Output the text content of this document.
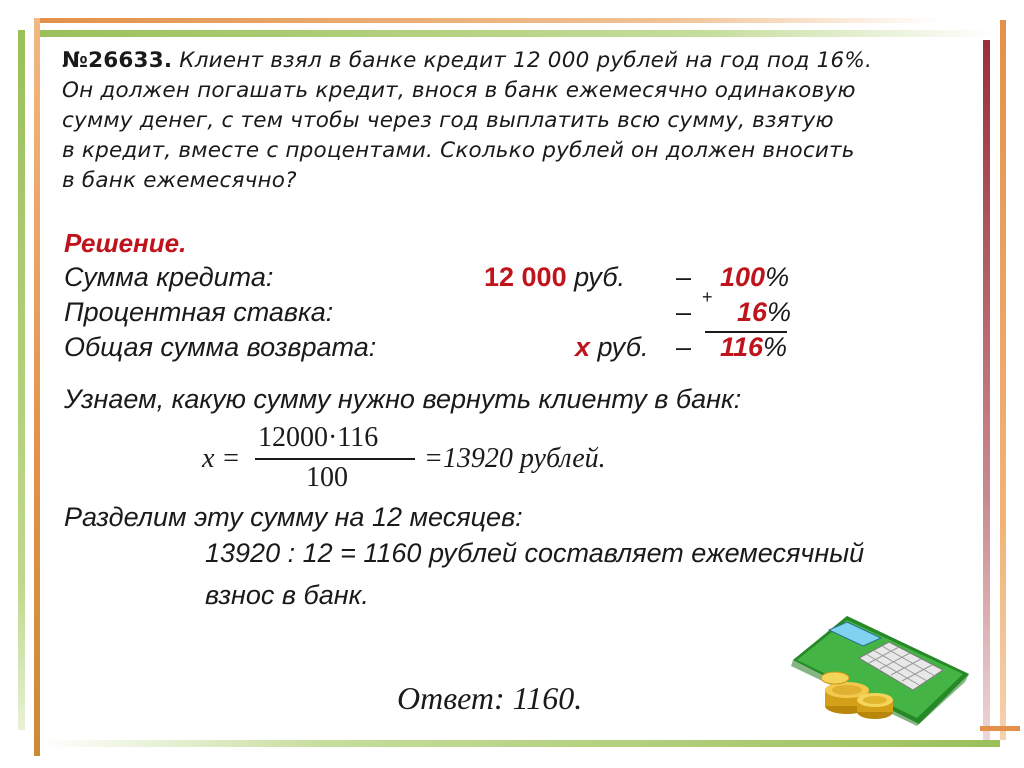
№26633. Клиент взял в банке кредит 12 000 рублей на год под 16%.
Он должен погашать кредит, внося в банк ежемесячно одинаковую
сумму денег, с тем чтобы через год выплатить всю сумму, взятую
в кредит, вместе с процентами. Сколько рублей он должен вносить
в банк ежемесячно?
Решение.
Сумма кредита:	12 000 руб. – 100%
+
Процентная ставка:	– 16%
Общая сумма возврата:	x руб. – 116%
Узнаем, какую сумму нужно вернуть клиенту в банк:
x =
12000·116
100
=13920 рублей.
Разделим эту сумму на 12 месяцев:
13920 : 12 = 1160 рублей составляет ежемесячный
взнос в банк.
Ответ: 1160.
